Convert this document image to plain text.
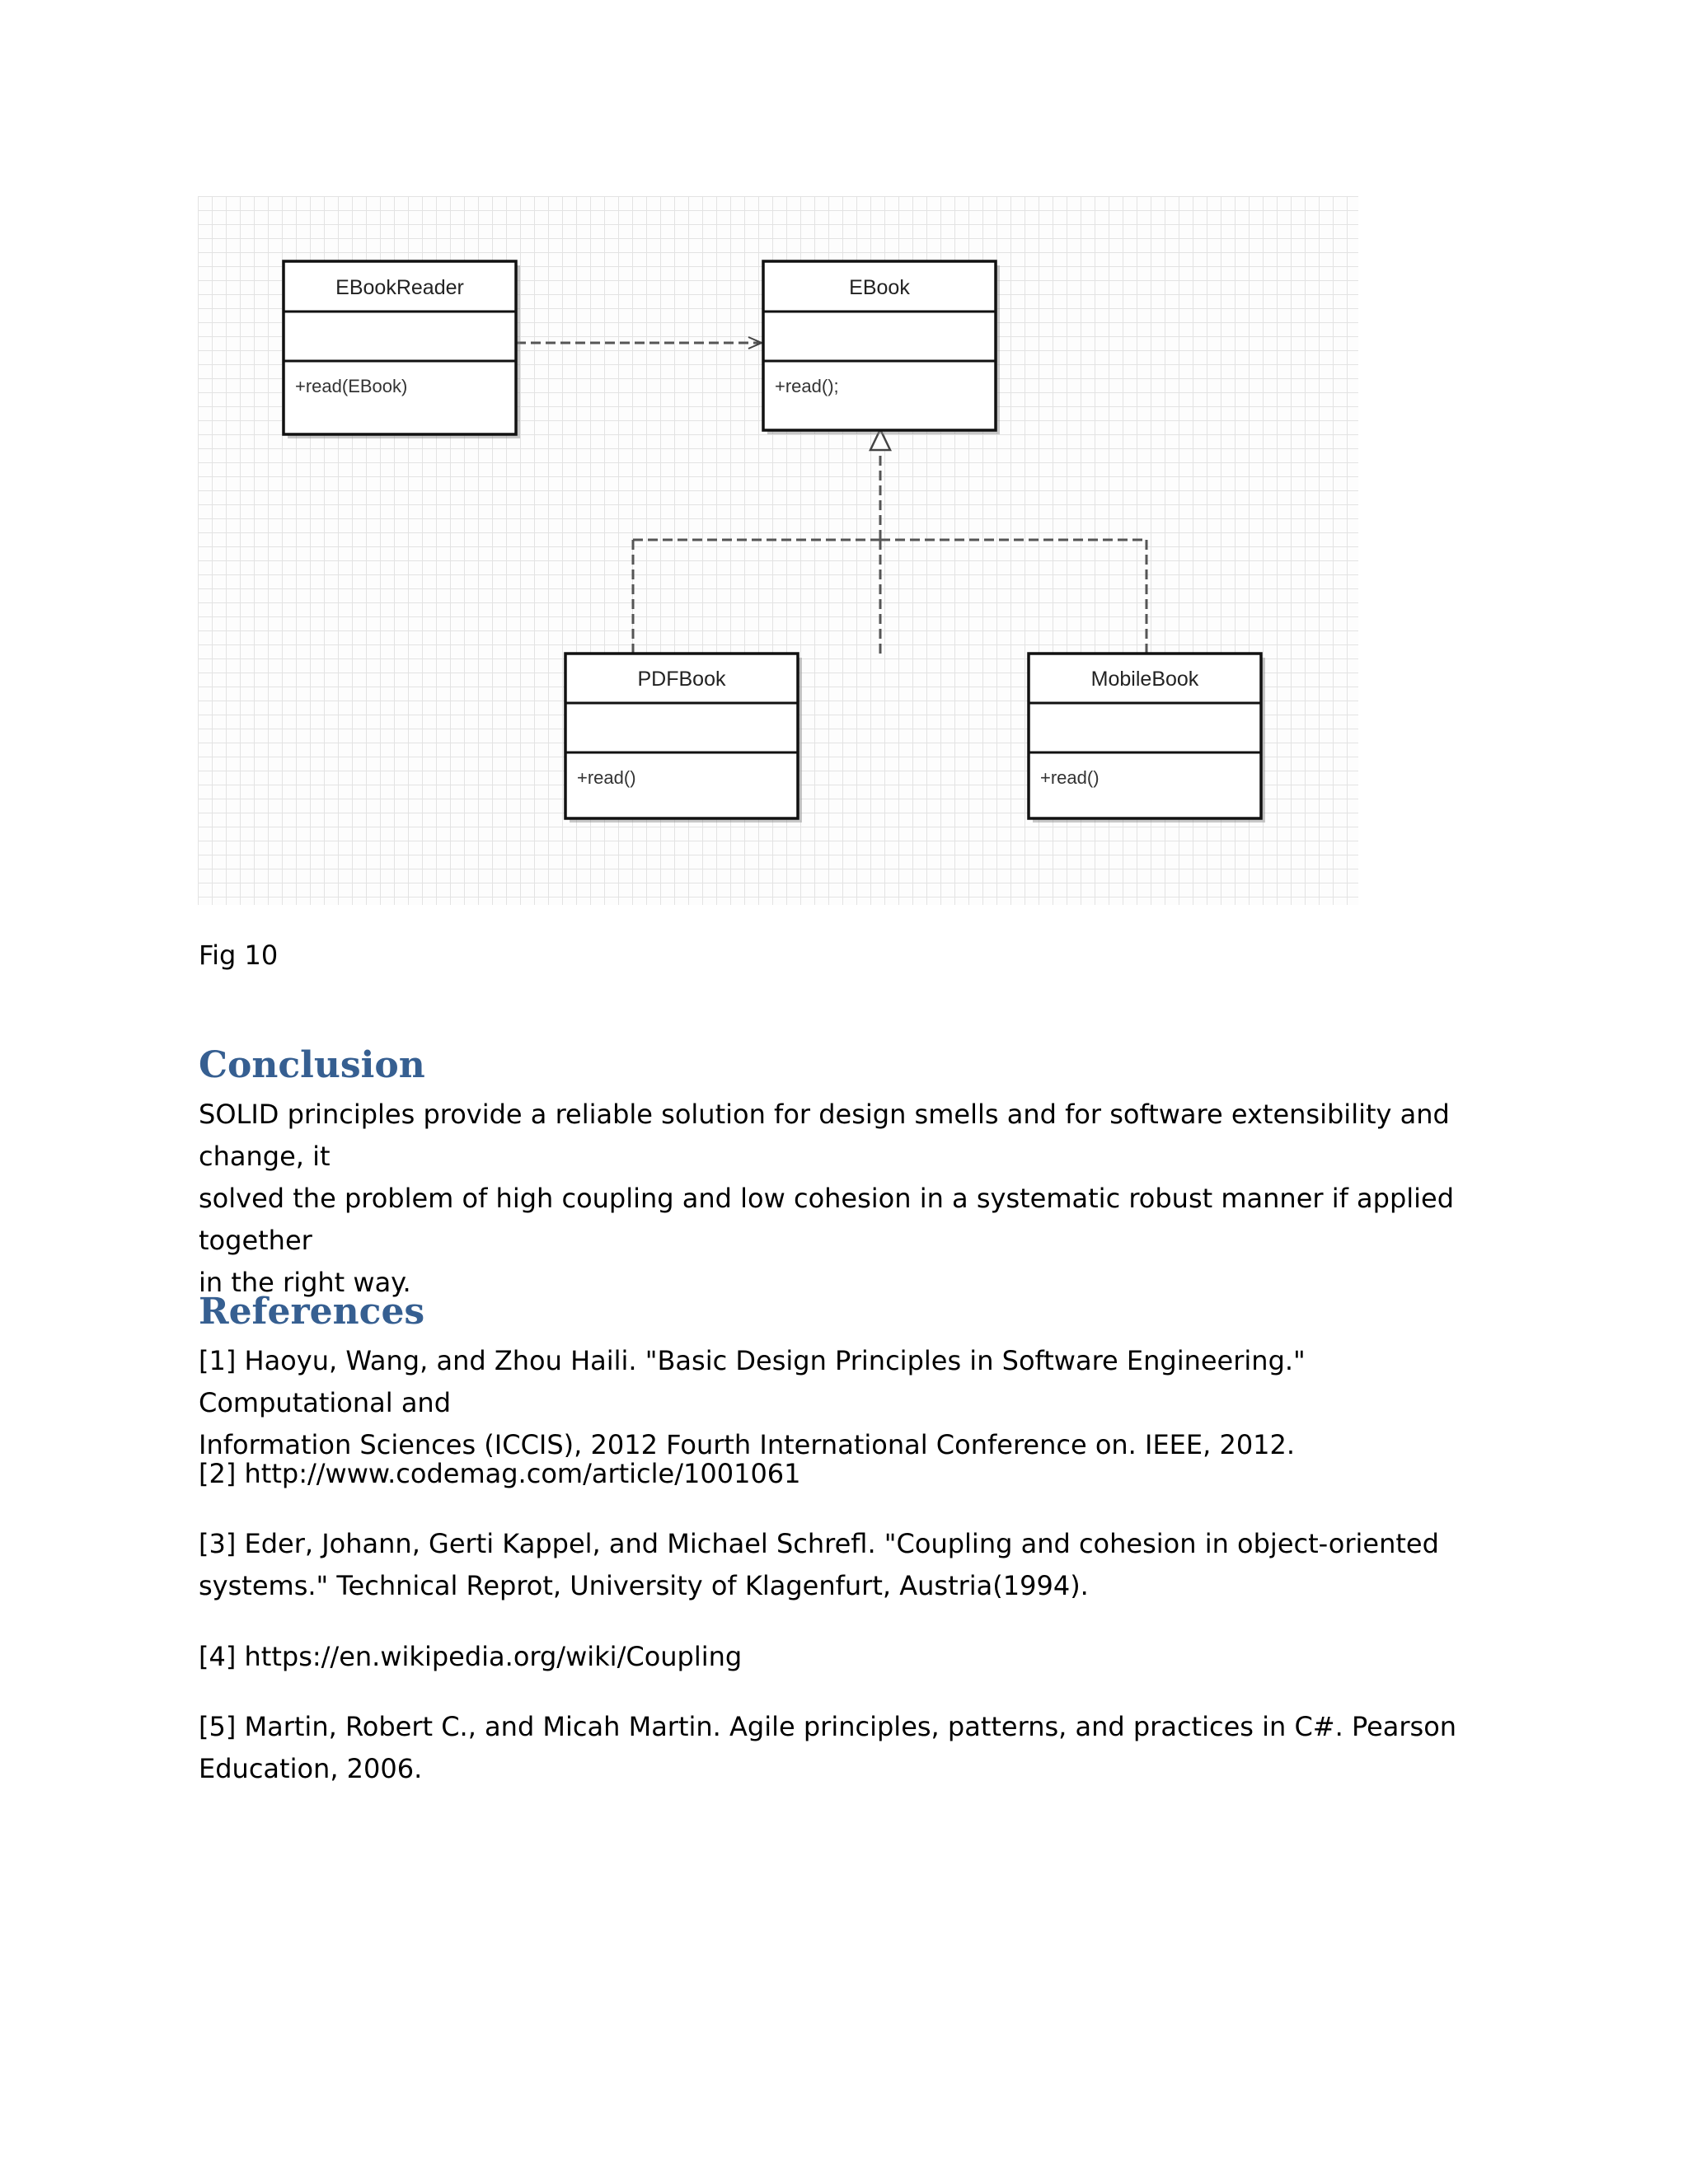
EBookReader
+read(EBook)
EBook
+read();
PDFBook
+read()
MobileBook
+read()

Fig 10

Conclusion
SOLID principles provide a reliable solution for design smells and for software extensibility and change, it
solved the problem of high coupling and low cohesion in a systematic robust manner if applied together
in the right way.
References
[1] Haoyu, Wang, and Zhou Haili. "Basic Design Principles in Software Engineering." Computational and
Information Sciences (ICCIS), 2012 Fourth International Conference on. IEEE, 2012.
[2] http://www.codemag.com/article/1001061
[3] Eder, Johann, Gerti Kappel, and Michael Schrefl. "Coupling and cohesion in object-oriented
systems." Technical Reprot, University of Klagenfurt, Austria(1994).
[4] https://en.wikipedia.org/wiki/Coupling
[5] Martin, Robert C., and Micah Martin. Agile principles, patterns, and practices in C#. Pearson
Education, 2006.
